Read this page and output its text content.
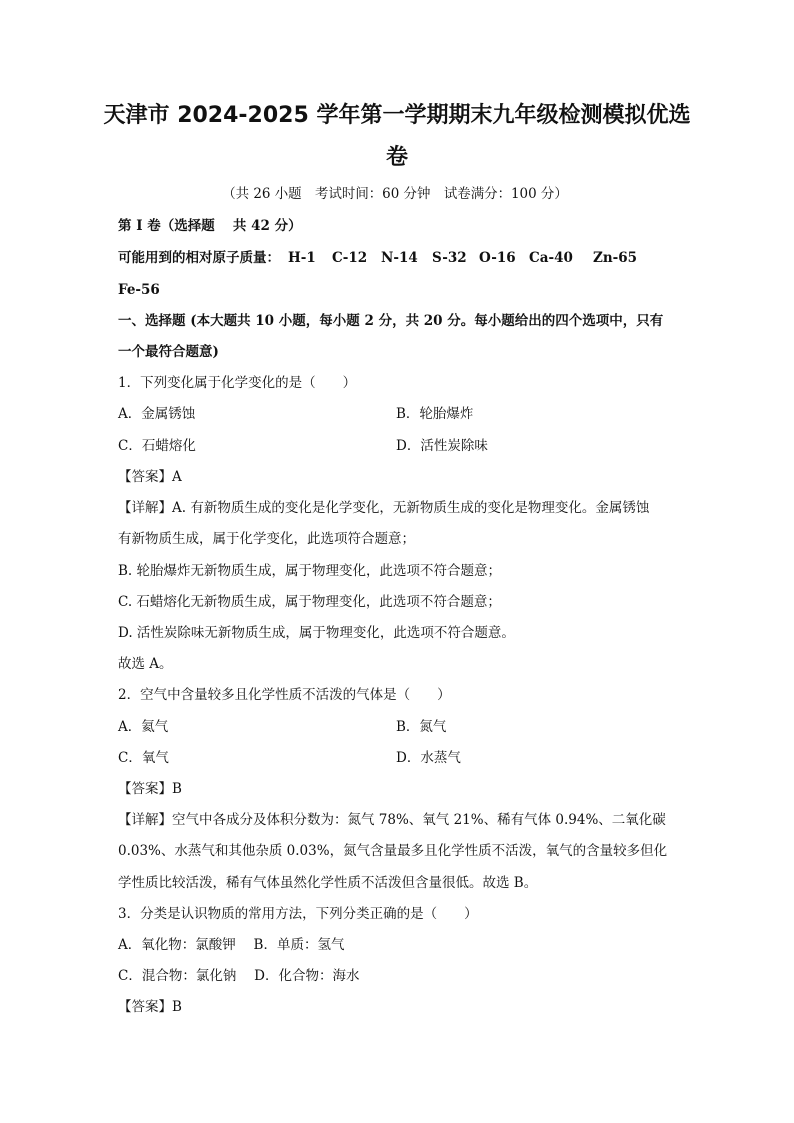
天津市 2024-2025 学年第一学期期末九年级检测模拟优选
卷
（共 26 小题　考试时间：60 分钟　试卷满分：100 分）
第 I 卷（选择题　 共 42 分）
可能用到的相对原子质量： H-1 C-12 N-14 S-32 O-16 Ca-40 Zn-65
Fe-56
一、选择题 (本大题共 10 小题，每小题 2 分，共 20 分。每小题给出的四个选项中，只有
一个最符合题意)
1．下列变化属于化学变化的是（　　）
A．金属锈蚀	B．轮胎爆炸
C．石蜡熔化	D．活性炭除味
【答案】A
【详解】A. 有新物质生成的变化是化学变化，无新物质生成的变化是物理变化。金属锈蚀
有新物质生成，属于化学变化，此选项符合题意；
B. 轮胎爆炸无新物质生成，属于物理变化，此选项不符合题意；
C. 石蜡熔化无新物质生成，属于物理变化，此选项不符合题意；
D. 活性炭除味无新物质生成，属于物理变化，此选项不符合题意。
故选 A。
2．空气中含量较多且化学性质不活泼的气体是（　　）
A．氦气	B．氮气
C．氧气	D．水蒸气
【答案】B
【详解】空气中各成分及体积分数为：氮气 78%、氧气 21%、稀有气体 0.94%、二氧化碳
0.03%、水蒸气和其他杂质 0.03%，氮气含量最多且化学性质不活泼，氧气的含量较多但化
学性质比较活泼，稀有气体虽然化学性质不活泼但含量很低。故选 B。
3．分类是认识物质的常用方法，下列分类正确的是（　　）
A．氧化物：氯酸钾　 B．单质：氢气
C．混合物：氯化钠　 D．化合物：海水
【答案】B
